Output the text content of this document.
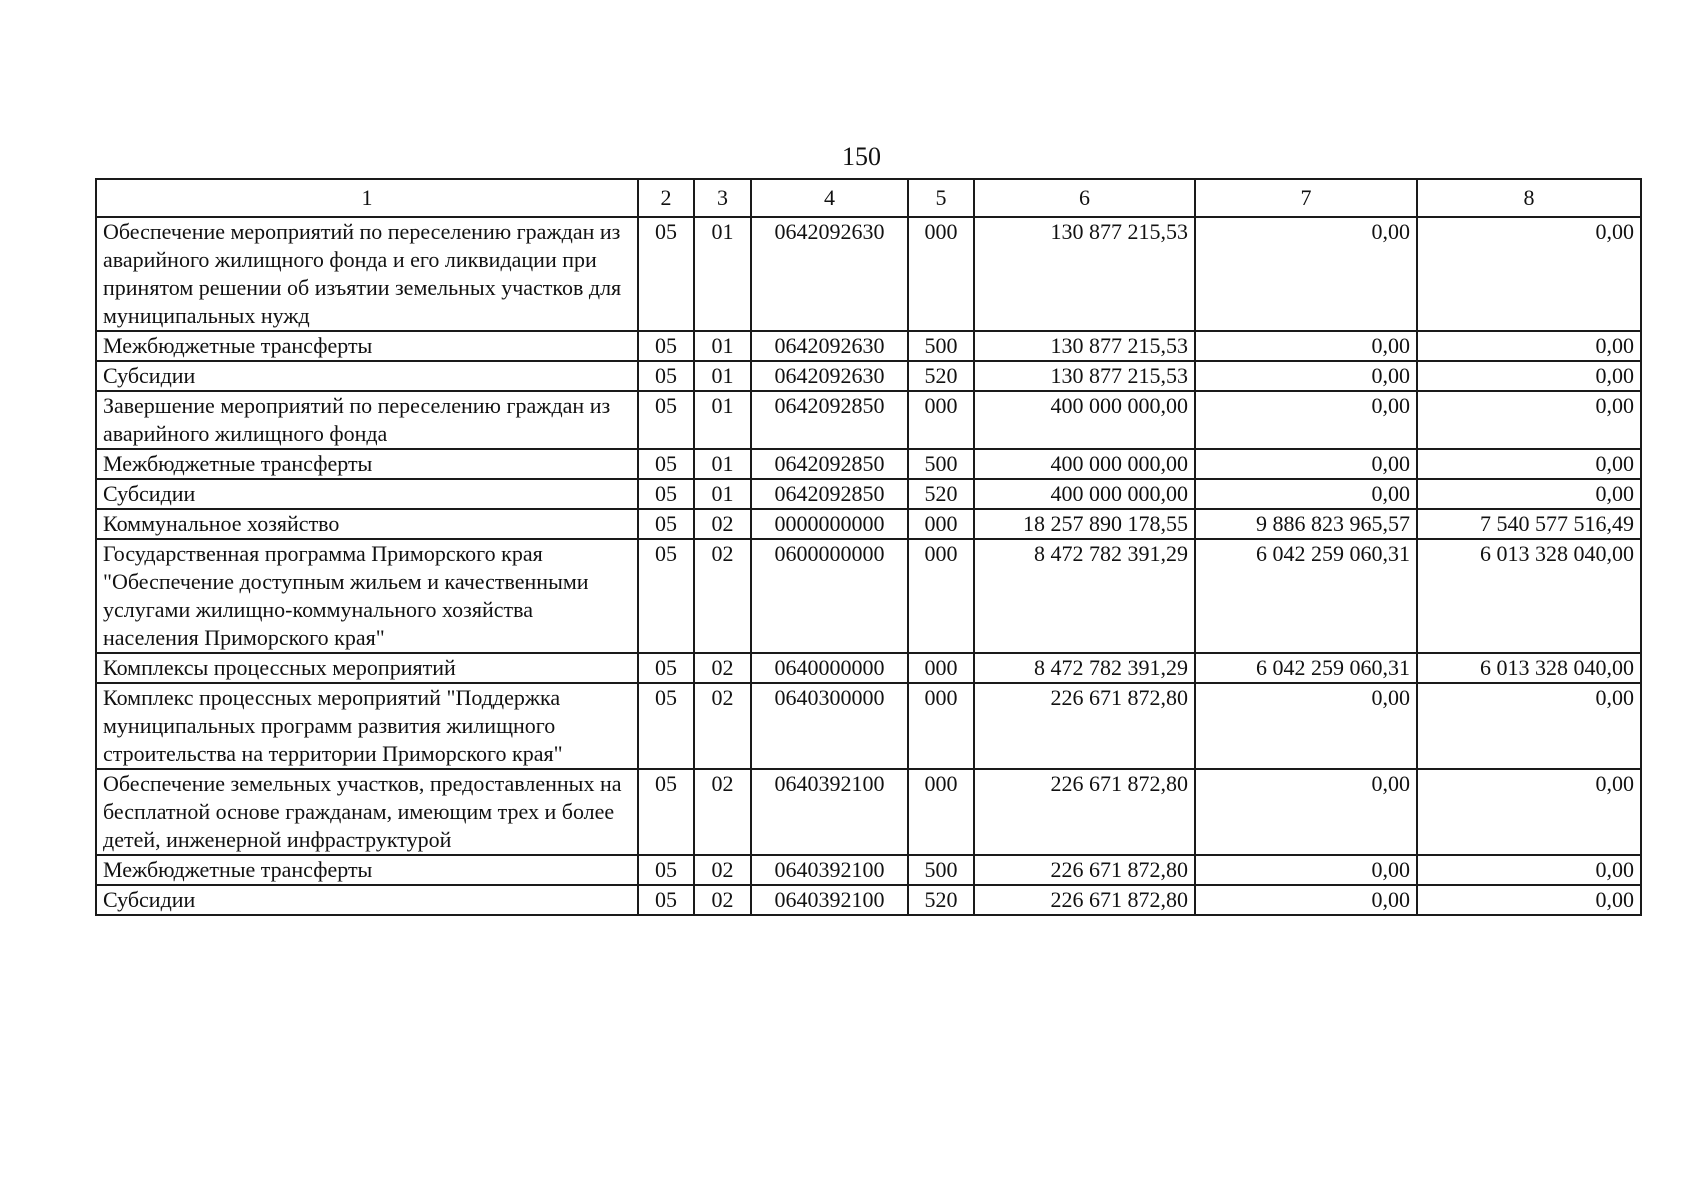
150
1	2	3	4	5	6	7	8
Обеспечение мероприятий по переселению граждан из аварийного жилищного фонда и его ликвидации при принятом решении об изъятии земельных участков для муниципальных нужд	05	01	0642092630	000	130 877 215,53	0,00	0,00
Межбюджетные трансферты	05	01	0642092630	500	130 877 215,53	0,00	0,00
Субсидии	05	01	0642092630	520	130 877 215,53	0,00	0,00
Завершение мероприятий по переселению граждан из аварийного жилищного фонда	05	01	0642092850	000	400 000 000,00	0,00	0,00
Межбюджетные трансферты	05	01	0642092850	500	400 000 000,00	0,00	0,00
Субсидии	05	01	0642092850	520	400 000 000,00	0,00	0,00
Коммунальное хозяйство	05	02	0000000000	000	18 257 890 178,55	9 886 823 965,57	7 540 577 516,49
Государственная программа Приморского края "Обеспечение доступным жильем и качественными услугами жилищно-коммунального хозяйства населения Приморского края"	05	02	0600000000	000	8 472 782 391,29	6 042 259 060,31	6 013 328 040,00
Комплексы процессных мероприятий	05	02	0640000000	000	8 472 782 391,29	6 042 259 060,31	6 013 328 040,00
Комплекс процессных мероприятий "Поддержка муниципальных программ развития жилищного строительства на территории Приморского края"	05	02	0640300000	000	226 671 872,80	0,00	0,00
Обеспечение земельных участков, предоставленных на бесплатной основе гражданам, имеющим трех и более детей, инженерной инфраструктурой	05	02	0640392100	000	226 671 872,80	0,00	0,00
Межбюджетные трансферты	05	02	0640392100	500	226 671 872,80	0,00	0,00
Субсидии	05	02	0640392100	520	226 671 872,80	0,00	0,00
